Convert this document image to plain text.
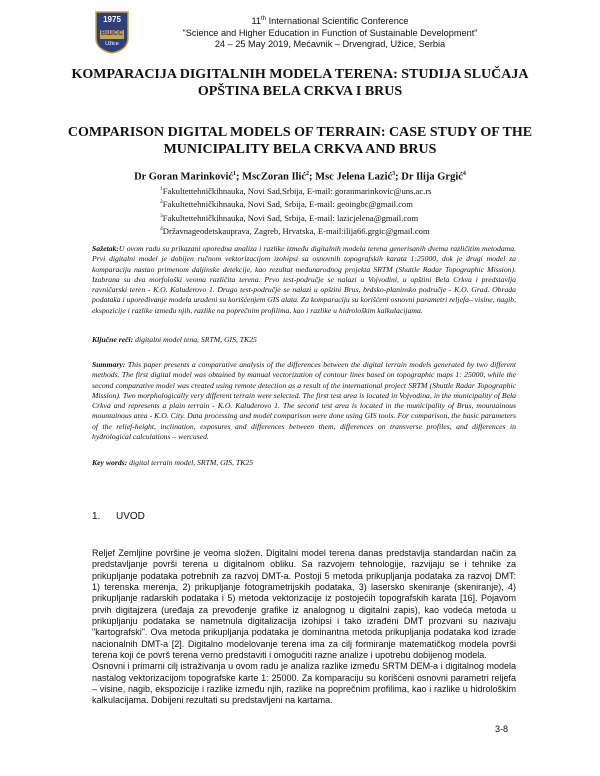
1975
ВШСС
Užice
11th International Scientific Conference
"Science and Higher Education in Function of Sustainable Development"
24 – 25 May 2019, Mećavnik – Drvengrad, Užice, Serbia
KOMPARACIJA DIGITALNIH MODELA TERENA: STUDIJA SLUČAJA OPŠTINA BELA CRKVA I BRUS
COMPARISON DIGITAL MODELS OF TERRAIN: CASE STUDY OF THE MUNICIPALITY BELA CRKVA AND BRUS
Dr Goran Marinković$^1$; MscZoran Ilić$^2$; Msc Jelena Lazić$^3$; Dr Ilija Grgić$^4$
$^1$Fakultettehničkihnauka, Novi Sad,Srbija, E-mail: goranmarinkovic@uns.ac.rs
$^2$Fakultettehničkihnauka, Novi Sad, Srbija, E-mail: geoingbc@gmail.com
$^3$Fakultettehničkihnauka, Novi Sad, Srbija, E-mail: lazicjelena@gmail.com
$^4$Državnageodetskauprava, Zagreb, Hrvatska, E-mail:ilija66.grgic@gmail.com
Sažetak:U ovom radu su prikazani uporedna analiza i razlike između digitalnih modela terena generisanih dvema različitim metodama. Prvi digitalni model je dobijen ručnom vektorizacijom izohipsi sa osnovnih topografskih karata 1:25000, dok je drugi model za komparaciju nastao primenom daljinske detekcije, kao rezultat međunarodnog projekta SRTM (Shuttle Radar Topographic Mission). Izabrana su dva morfološki veoma različita terena. Prvo test-područje se nalazi u Vojvodini, u opštini Bela Crkva i predstavlja ravničarski teren - K.O. Kaluđerovo 1. Drugo test-područje se nalazi u opštini Brus, brdsko-planinsko područje - K.O. Grad. Obrada podataka i upoređivanje modela urađeni su korišćenjem GIS alata. Za komparaciju su korišćeni osnovni parametri reljefa– visine, nagib, ekspozicije i razlike između njih, razlike na poprečnim profilima, kao i razlike u hidrološkim kalkulacijama.
Ključne reči: digitalni model tena, SRTM, GIS, TK25
Summary: This paper presents a comparative analysis of the differences between the digital terrain models generated by two different methods. The first digital model was obtained by manual vectorization of contour lines based on topographic maps 1: 25000, while the second comparative model was created using remote detection as a result of the international project SRTM (Shuttle Radar Topographic Mission). Two morphologically very different terrain were selected. The first test area is located in Vojvodina, in the municipality of Bela Crkva and represents a plain terrain - K.O. Kaluđerovo 1. The second test area is located in the municipality of Brus, mountainous mountainous area - K.O. City. Data processing and model comparison were done using GIS tools. For comparison, the basic parameters of the relief-height, inclination, exposures and differences between them, differences on transverse profiles, and differences in hydrological calculations – wercused.
Key words: digital terrain model, SRTM, GIS, TK25
1. UVOD

Reljef Zemljine površine je veoma složen. Digitalni model terena danas predstavlja standardan način za predstavljanje površi terena u digitalnom obliku. Sa razvojem tehnologije, razvijaju se i tehnike za prikupljanje podataka potrebnih za razvoj DMT-a. Postoji 5 metoda prikupljanja podataka za razvoj DMT: 1) terenska merenja, 2) prikupljanje fotogrametrijskih podataka, 3) lasersko skeniranje (skeniranje), 4) prikupljanje radarskih podataka i 5) metoda vektorizacije iz postojećih topografskih karata [16]. Pojavom prvih digitajzera (uređaja za prevođenje grafike iz analognog u digitalni zapis), kao vodeća metoda u prikupljanju podataka se nametnula digitalizacija izohipsi i tako izrađeni DMT prozvani su nazivaju "kartografski". Ova metoda prikupljanja podataka je dominantna metoda prikupljanja podataka kod izrade nacionalnih DMT-a [2]. Digitalno modelovanje terena ima za cilj formiranje matematičkog modela površi terena koji će površ terena verno predstaviti i omogućiti razne analize i upotrebu dobijenog modela.

Osnovni i primarni cilj istraživanja u ovom radu je analiza razlike između SRTM DEM-a i digitalnog modela nastalog vektorizacijom topografske karte 1: 25000. Za komparaciju su korišćeni osnovni parametri reljefa – visine, nagib, ekspozicije i razlike između njih, razlike na poprečnim profilima, kao i razlike u hidrološkim kalkulacijama. Dobijeni rezultati su predstavljeni na kartama.

3-8
